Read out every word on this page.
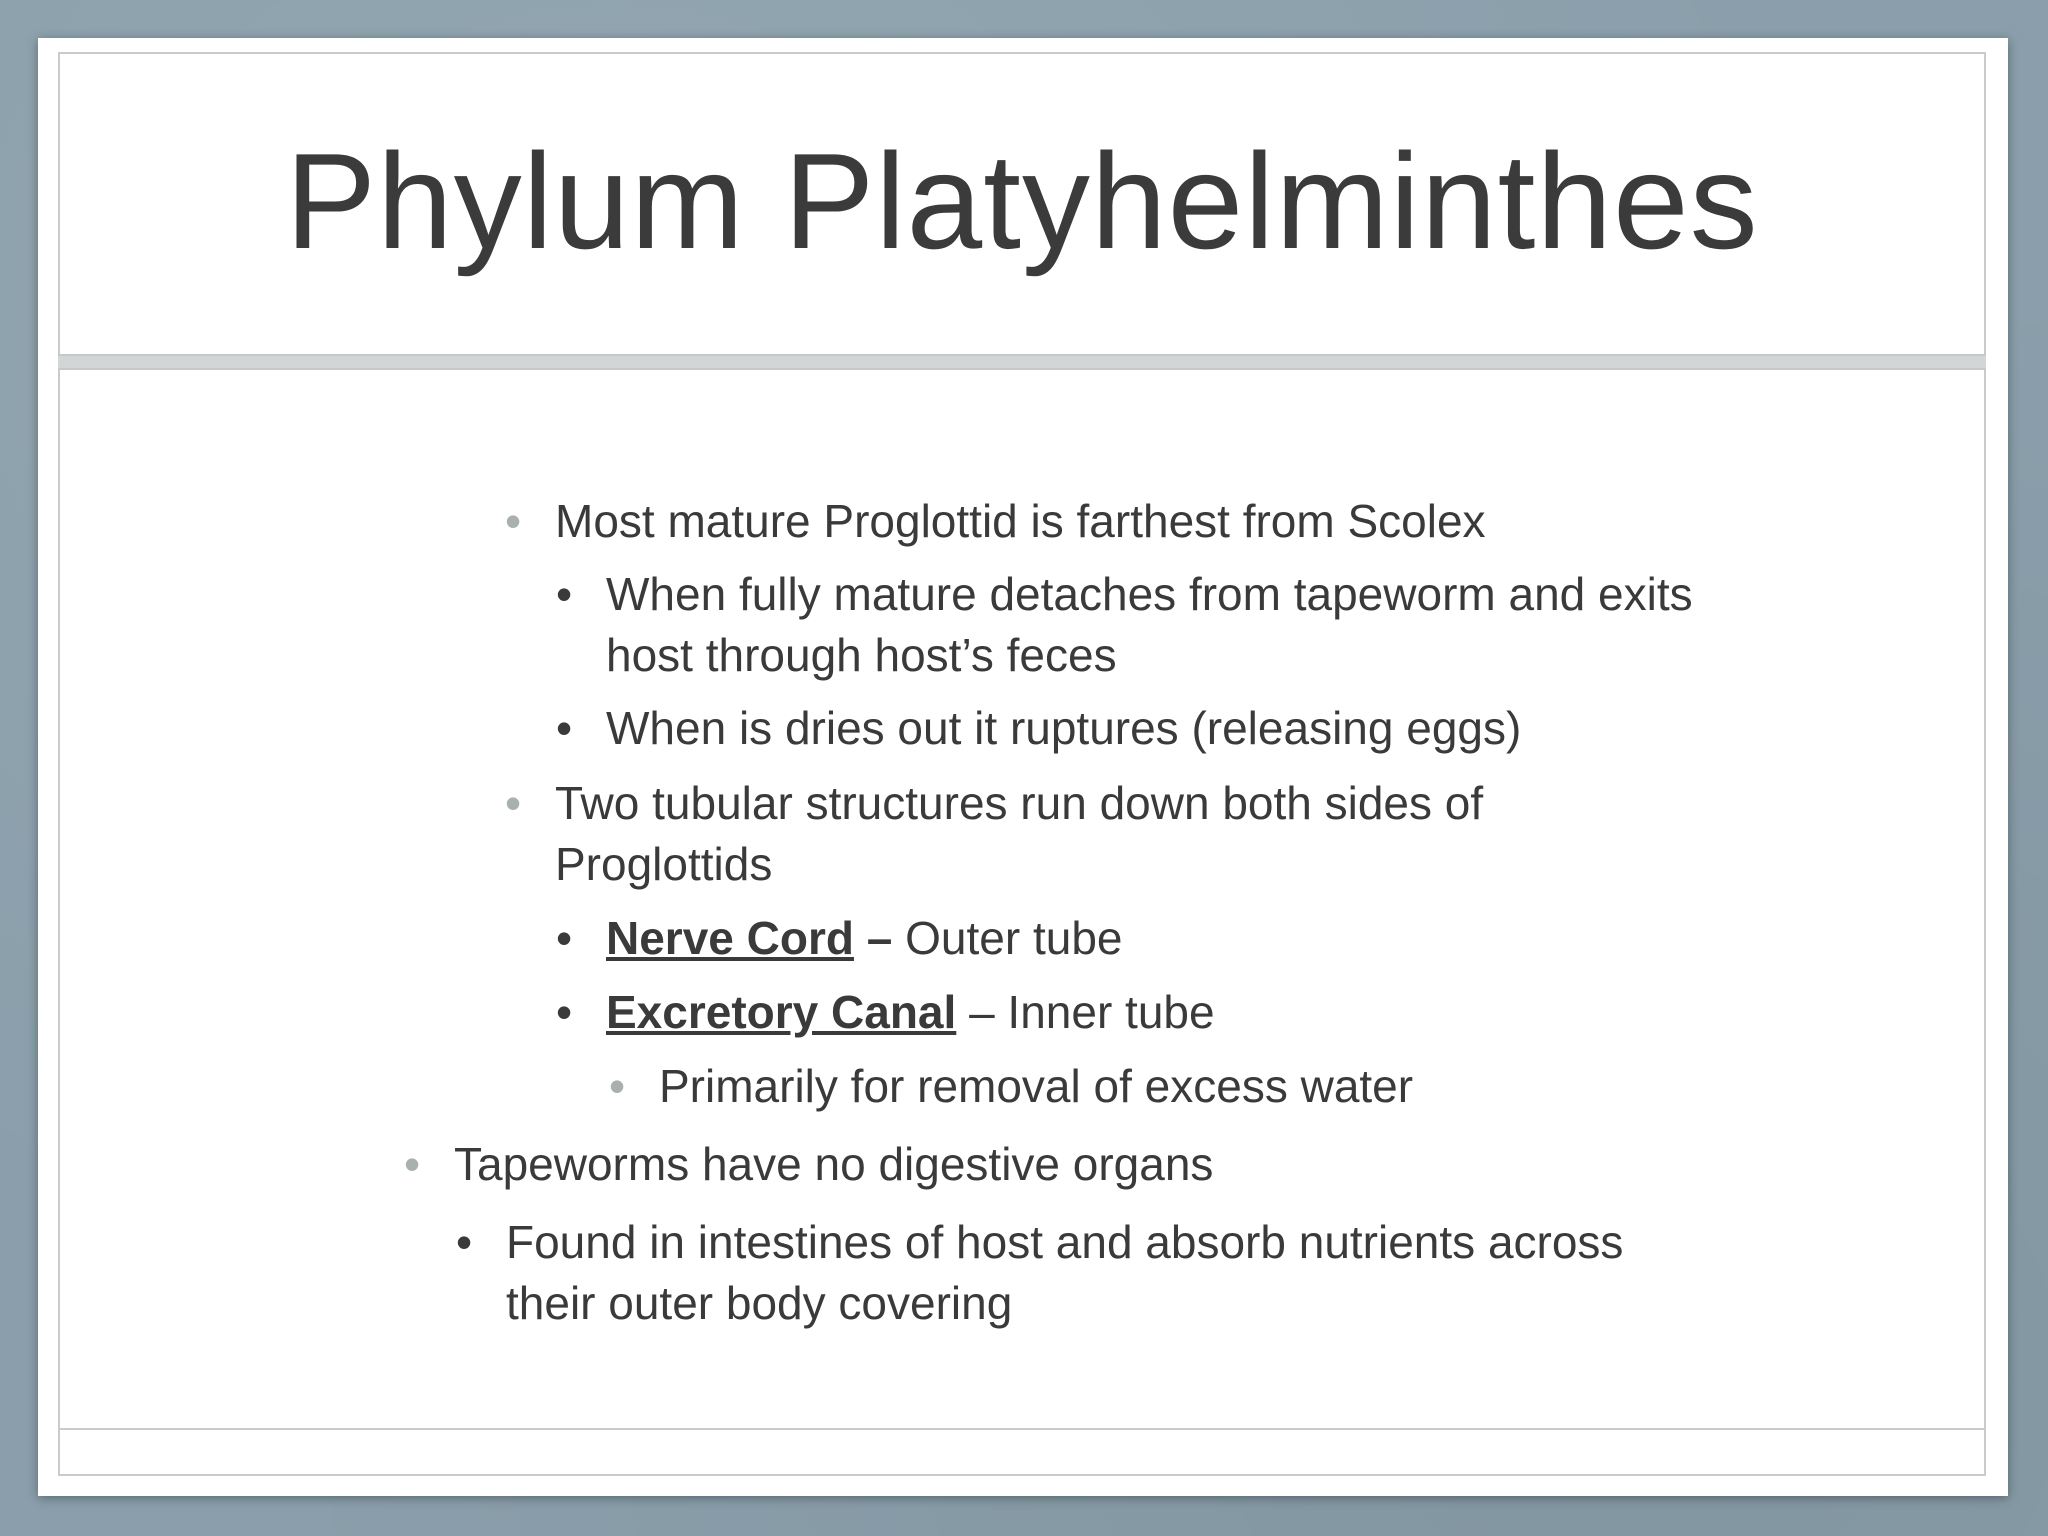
Phylum Platyhelminthes
• Most mature Proglottid is farthest from Scolex
• When fully mature detaches from tapeworm and exits
host through host’s feces
• When is dries out it ruptures (releasing eggs)
• Two tubular structures run down both sides of
Proglottids
• Nerve Cord – Outer tube
• Excretory Canal – Inner tube
• Primarily for removal of excess water
• Tapeworms have no digestive organs
• Found in intestines of host and absorb nutrients across
their outer body covering
